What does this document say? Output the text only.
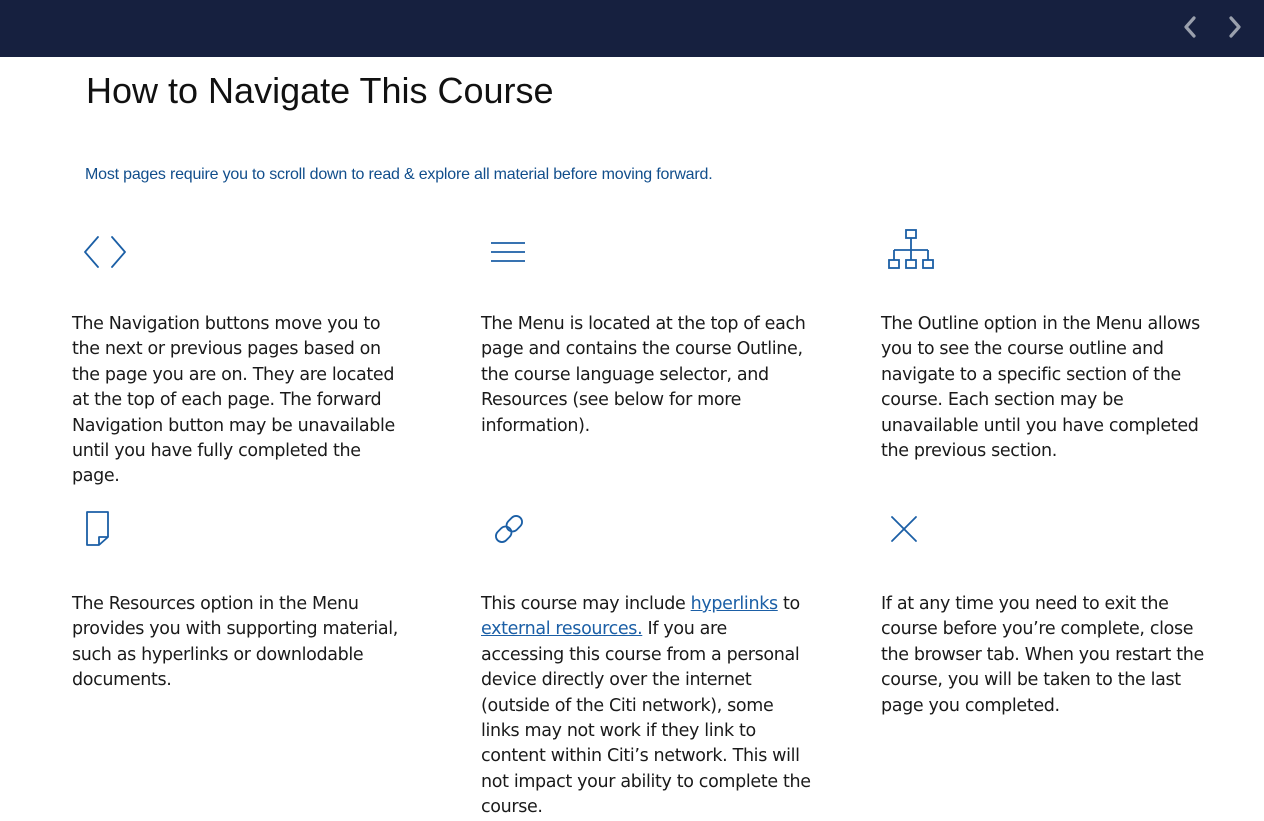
How to Navigate This Course
Most pages require you to scroll down to read & explore all material before moving forward.
The Navigation buttons move you to the next or previous pages based on the page you are on. They are located at the top of each page. The forward Navigation button may be unavailable until you have fully completed the page.
The Menu is located at the top of each page and contains the course Outline, the course language selector, and Resources (see below for more information).
The Outline option in the Menu allows you to see the course outline and navigate to a specific section of the course. Each section may be unavailable until you have completed the previous section.
The Resources option in the Menu provides you with supporting material, such as hyperlinks or downlodable documents.
This course may include hyperlinks to external resources. If you are accessing this course from a personal device directly over the internet (outside of the Citi network), some links may not work if they link to content within Citi’s network. This will not impact your ability to complete the course.
If at any time you need to exit the course before you’re complete, close the browser tab. When you restart the course, you will be taken to the last page you completed.
